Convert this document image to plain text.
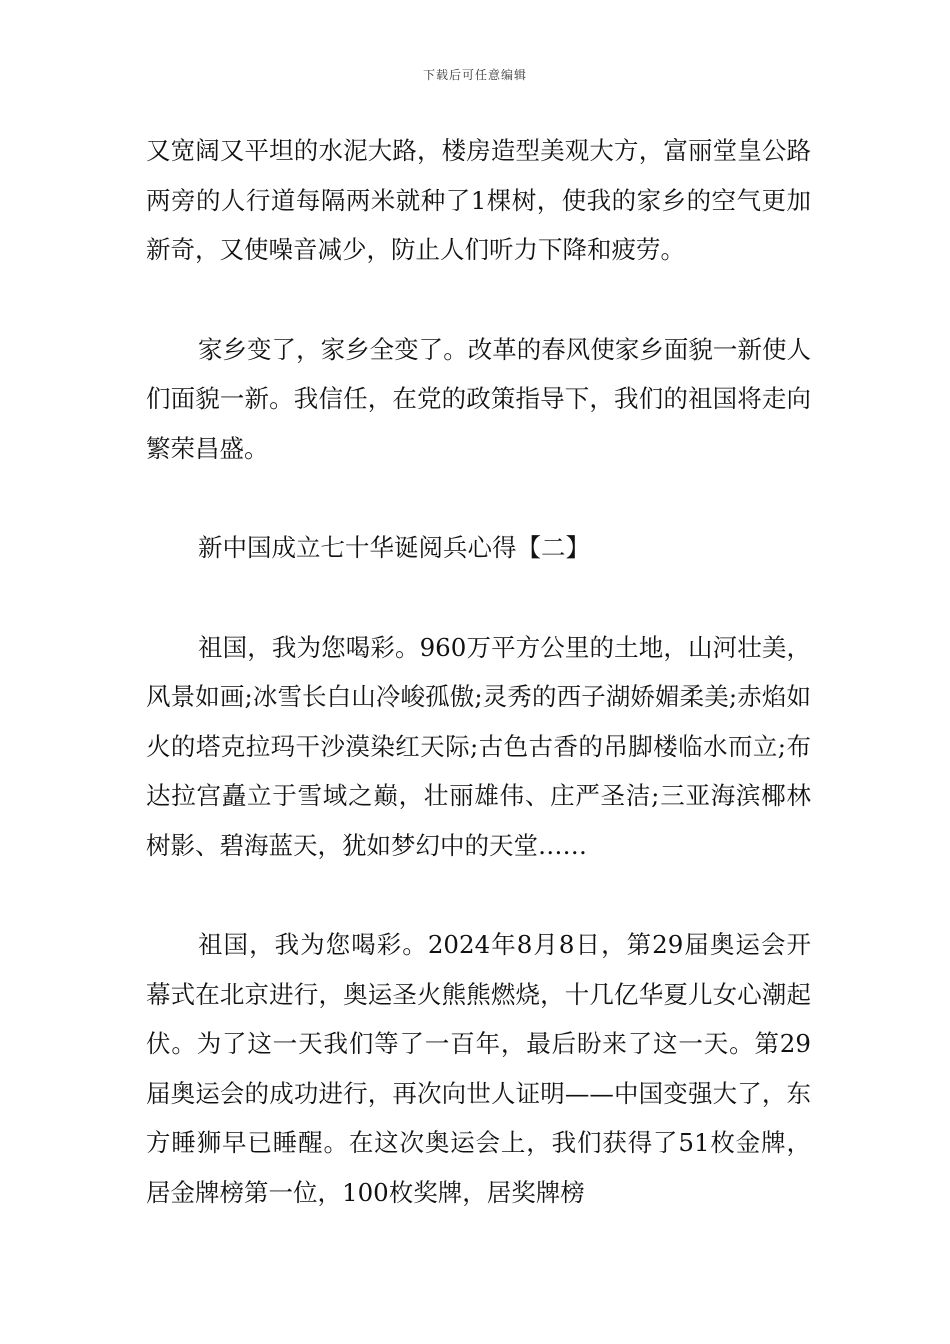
下载后可任意编辑

又宽阔又平坦的水泥大路，楼房造型美观大方，富丽堂皇公路两旁的人行道每隔两米就种了1棵树，使我的家乡的空气更加新奇，又使噪音减少，防止人们听力下降和疲劳。

家乡变了，家乡全变了。改革的春风使家乡面貌一新使人们面貌一新。我信任，在党的政策指导下，我们的祖国将走向繁荣昌盛。

新中国成立七十华诞阅兵心得【二】

祖国，我为您喝彩。960万平方公里的土地，山河壮美，风景如画;冰雪长白山冷峻孤傲;灵秀的西子湖娇媚柔美;赤焰如火的塔克拉玛干沙漠染红天际;古色古香的吊脚楼临水而立;布达拉宫矗立于雪域之巅，壮丽雄伟、庄严圣洁;三亚海滨椰林树影、碧海蓝天，犹如梦幻中的天堂……

祖国，我为您喝彩。2024年8月8日，第29届奥运会开幕式在北京进行，奥运圣火熊熊燃烧，十几亿华夏儿女心潮起伏。为了这一天我们等了一百年，最后盼来了这一天。第29届奥运会的成功进行，再次向世人证明——中国变强大了，东方睡狮早已睡醒。在这次奥运会上，我们获得了51枚金牌，居金牌榜第一位，100枚奖牌，居奖牌榜
